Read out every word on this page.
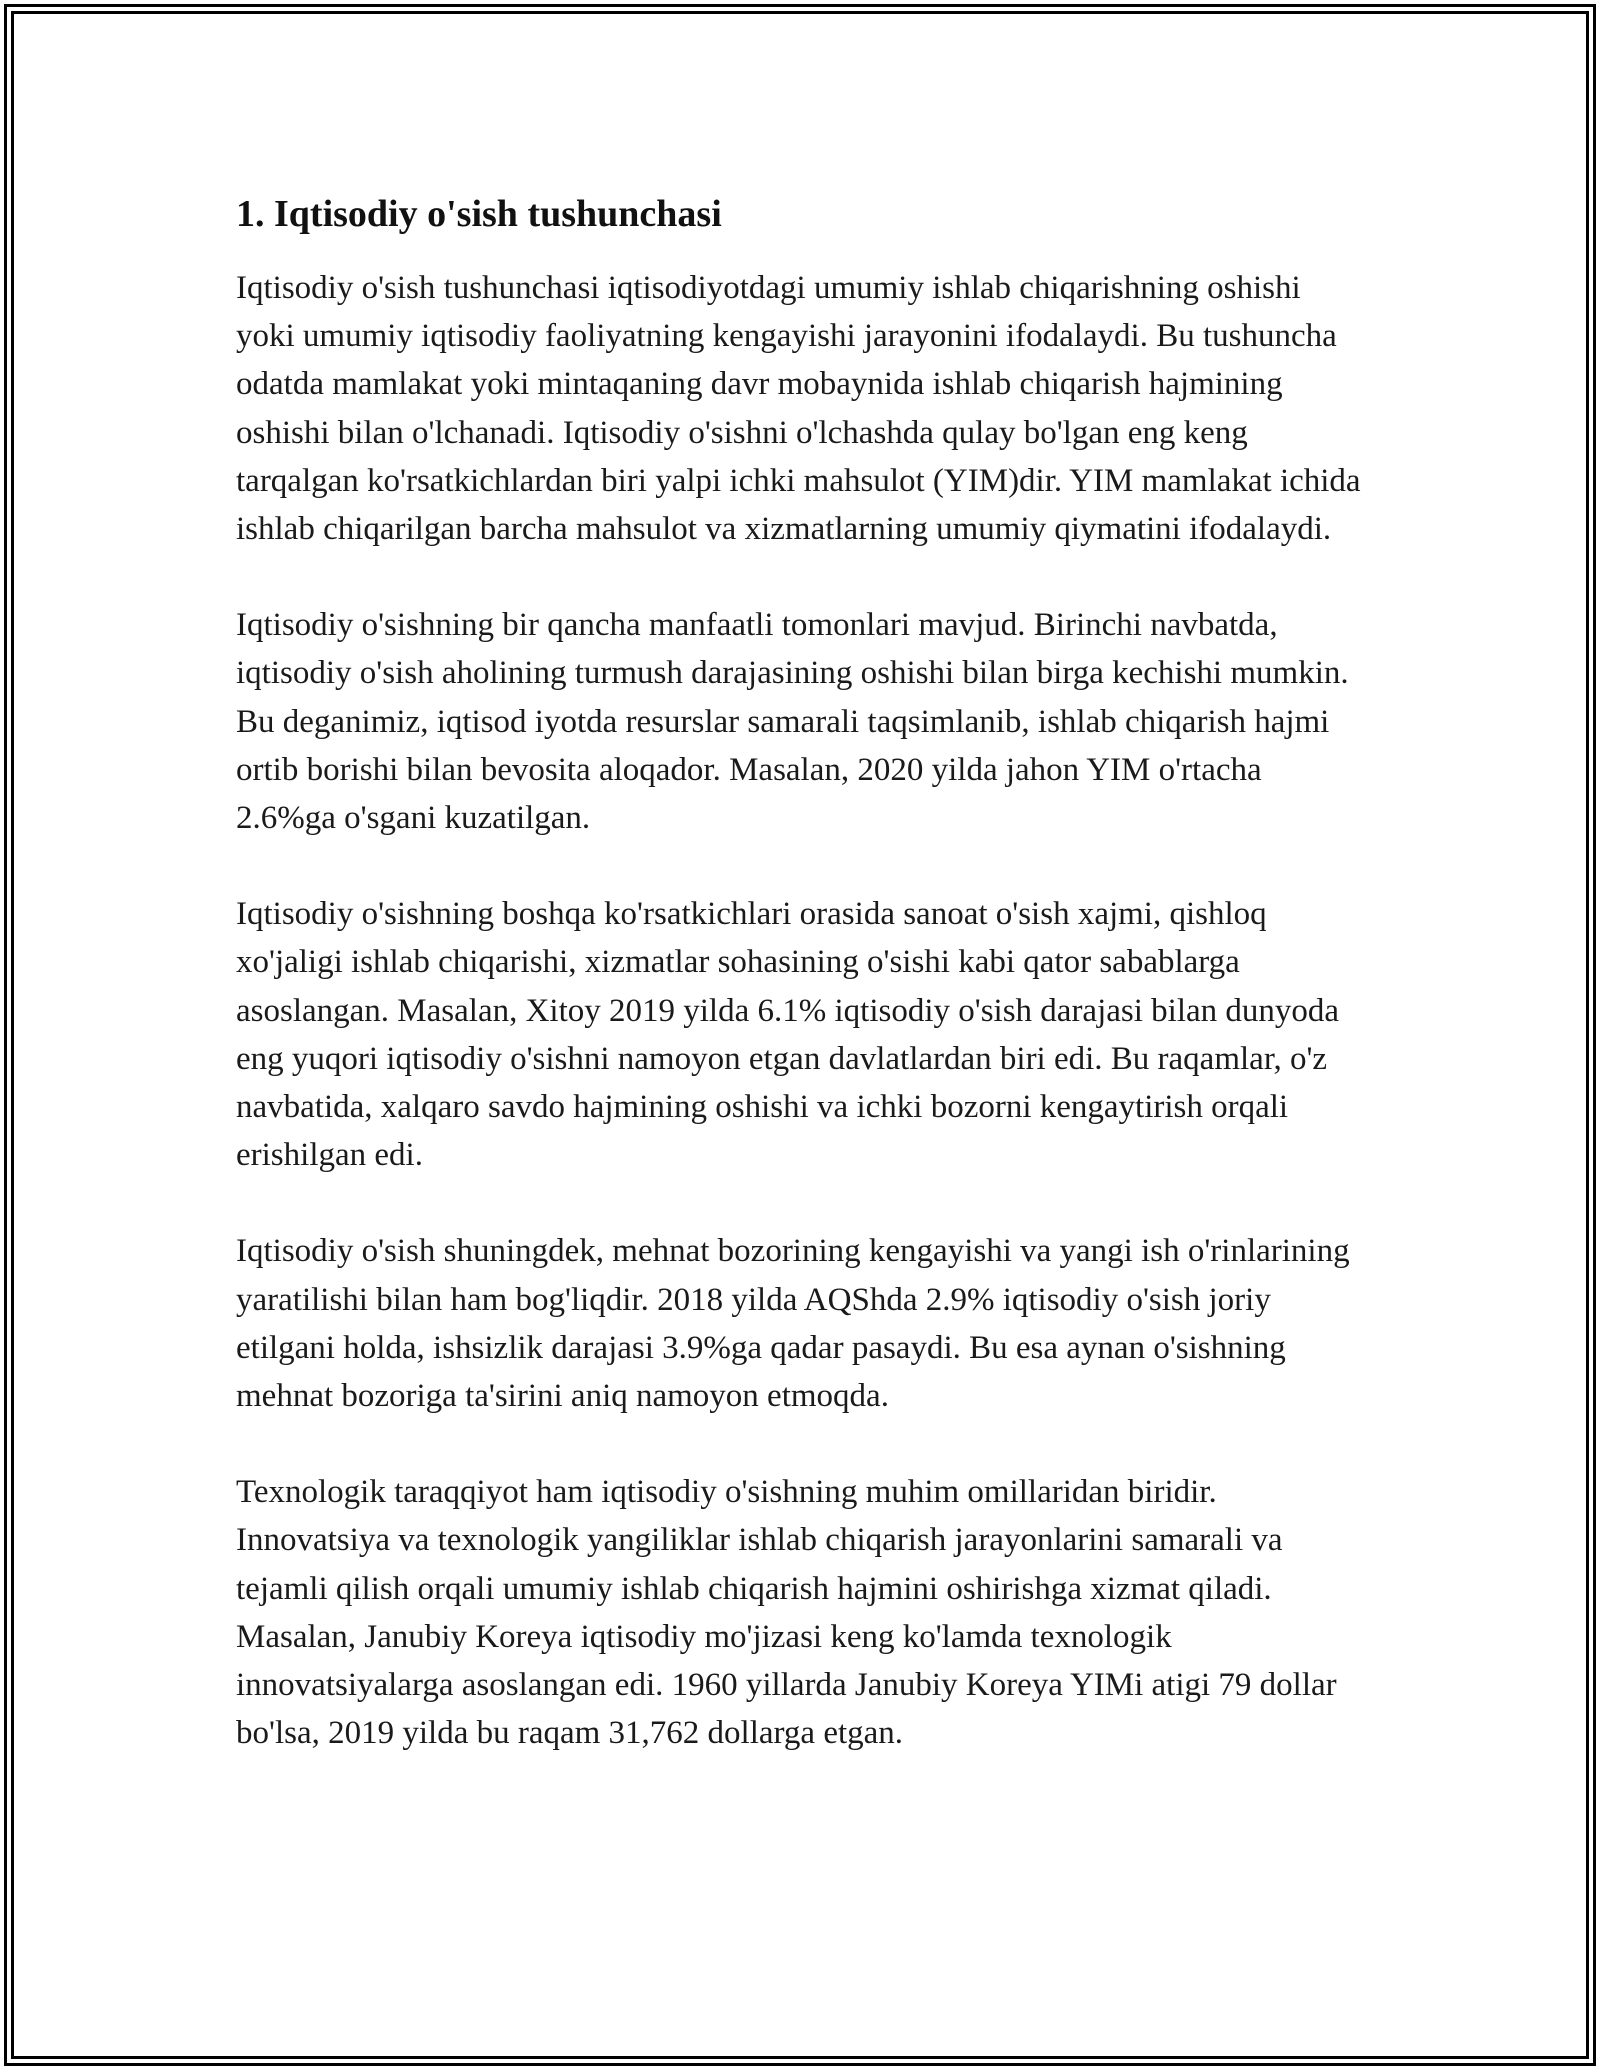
1. Iqtisodiy o'sish tushunchasi

Iqtisodiy o'sish tushunchasi iqtisodiyotdagi umumiy ishlab chiqarishning oshishi yoki umumiy iqtisodiy faoliyatning kengayishi jarayonini ifodalaydi. Bu tushuncha odatda mamlakat yoki mintaqaning davr mobaynida ishlab chiqarish hajmining oshishi bilan o'lchanadi. Iqtisodiy o'sishni o'lchashda qulay bo'lgan eng keng tarqalgan ko'rsatkichlardan biri yalpi ichki mahsulot (YIM)dir. YIM mamlakat ichida ishlab chiqarilgan barcha mahsulot va xizmatlarning umumiy qiymatini ifodalaydi.

Iqtisodiy o'sishning bir qancha manfaatli tomonlari mavjud. Birinchi navbatda, iqtisodiy o'sish aholining turmush darajasining oshishi bilan birga kechishi mumkin. Bu deganimiz, iqtisod iyotda resurslar samarali taqsimlanib, ishlab chiqarish hajmi ortib borishi bilan bevosita aloqador. Masalan, 2020 yilda jahon YIM o'rtacha 2.6%ga o'sgani kuzatilgan.

Iqtisodiy o'sishning boshqa ko'rsatkichlari orasida sanoat o'sish xajmi, qishloq xo'jaligi ishlab chiqarishi, xizmatlar sohasining o'sishi kabi qator sabablarga asoslangan. Masalan, Xitoy 2019 yilda 6.1% iqtisodiy o'sish darajasi bilan dunyoda eng yuqori iqtisodiy o'sishni namoyon etgan davlatlardan biri edi. Bu raqamlar, o'z navbatida, xalqaro savdo hajmining oshishi va ichki bozorni kengaytirish orqali erishilgan edi.

Iqtisodiy o'sish shuningdek, mehnat bozorining kengayishi va yangi ish o'rinlarining yaratilishi bilan ham bog'liqdir. 2018 yilda AQShda 2.9% iqtisodiy o'sish joriy etilgani holda, ishsizlik darajasi 3.9%ga qadar pasaydi. Bu esa aynan o'sishning mehnat bozoriga ta'sirini aniq namoyon etmoqda.

Texnologik taraqqiyot ham iqtisodiy o'sishning muhim omillaridan biridir. Innovatsiya va texnologik yangiliklar ishlab chiqarish jarayonlarini samarali va tejamli qilish orqali umumiy ishlab chiqarish hajmini oshirishga xizmat qiladi. Masalan, Janubiy Koreya iqtisodiy mo'jizasi keng ko'lamda texnologik innovatsiyalarga asoslangan edi. 1960 yillarda Janubiy Koreya YIMi atigi 79 dollar bo'lsa, 2019 yilda bu raqam 31,762 dollarga etgan.
